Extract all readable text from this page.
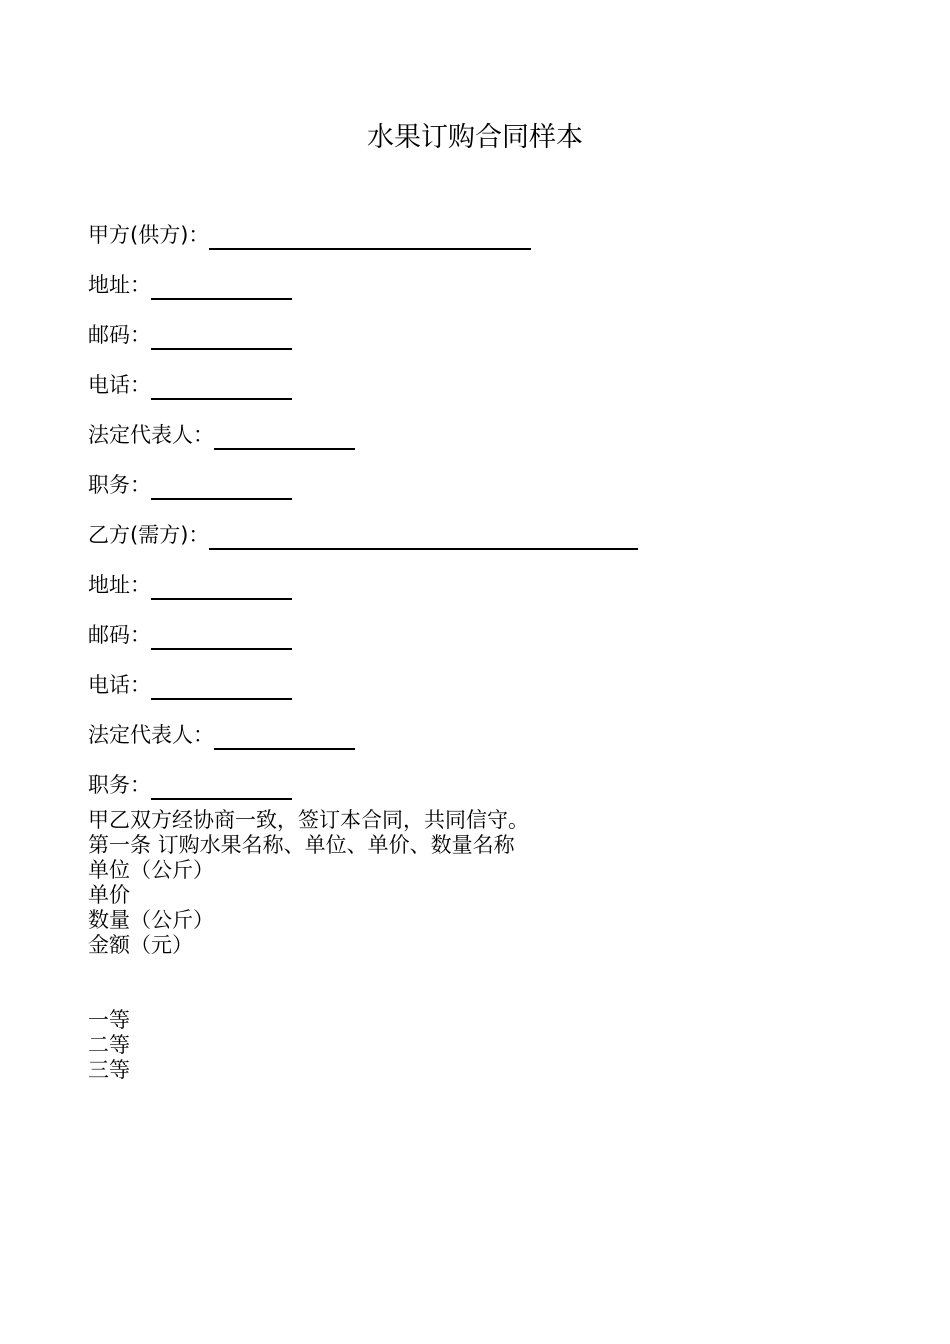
水果订购合同样本
甲方(供方)：
地址：
邮码：
电话：
法定代表人：
职务：
乙方(需方)：
地址：
邮码：
电话：
法定代表人：
职务：
甲乙双方经协商一致，签订本合同，共同信守。
第一条 订购水果名称、单位、单价、数量名称
单位（公斤）
单价
数量（公斤）
金额（元）
一等
二等
三等
